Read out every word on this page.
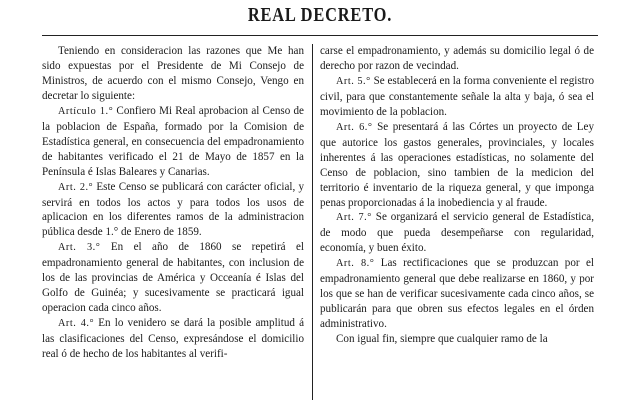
REAL DECRETO.

Teniendo en consideracion las razones que Me han sido expuestas por el Presidente de Mi Consejo de Ministros, de acuerdo con el mismo Consejo, Vengo en decretar lo siguiente:

Artículo 1.° Confiero Mi Real aprobacion al Censo de la poblacion de España, formado por la Comision de Estadística general, en consecuencia del empadronamiento de habitantes verificado el 21 de Mayo de 1857 en la Península é Islas Baleares y Canarias.

Art. 2.° Este Censo se publicará con carácter oficial, y servirá en todos los actos y para todos los usos de aplicacion en los diferentes ramos de la administracion pública desde 1.° de Enero de 1859.

Art. 3.° En el año de 1860 se repetirá el empadronamiento general de habitantes, con inclusion de los de las provincias de América y Occeanía é Islas del Golfo de Guinéa; y sucesivamente se practicará igual operacion cada cinco años.

Art. 4.° En lo venidero se dará la posible amplitud á las clasificaciones del Censo, expresándose el domicilio real ó de hecho de los habitantes al verifi-

carse el empadronamiento, y además su domicilio legal ó de derecho por razon de vecindad.

Art. 5.° Se establecerá en la forma conveniente el registro civil, para que constantemente señale la alta y baja, ó sea el movimiento de la poblacion.

Art. 6.° Se presentará á las Córtes un proyecto de Ley que autorice los gastos generales, provinciales, y locales inherentes á las operaciones estadísticas, no solamente del Censo de poblacion, sino tambien de la medicion del territorio é inventario de la riqueza general, y que imponga penas proporcionadas á la inobediencia y al fraude.

Art. 7.° Se organizará el servicio general de Estadística, de modo que pueda desempeñarse con regularidad, economía, y buen éxito.

Art. 8.° Las rectificaciones que se produzcan por el empadronamiento general que debe realizarse en 1860, y por los que se han de verificar sucesivamente cada cinco años, se publicarán para que obren sus efectos legales en el órden administrativo.

Con igual fin, siempre que cualquier ramo de la
